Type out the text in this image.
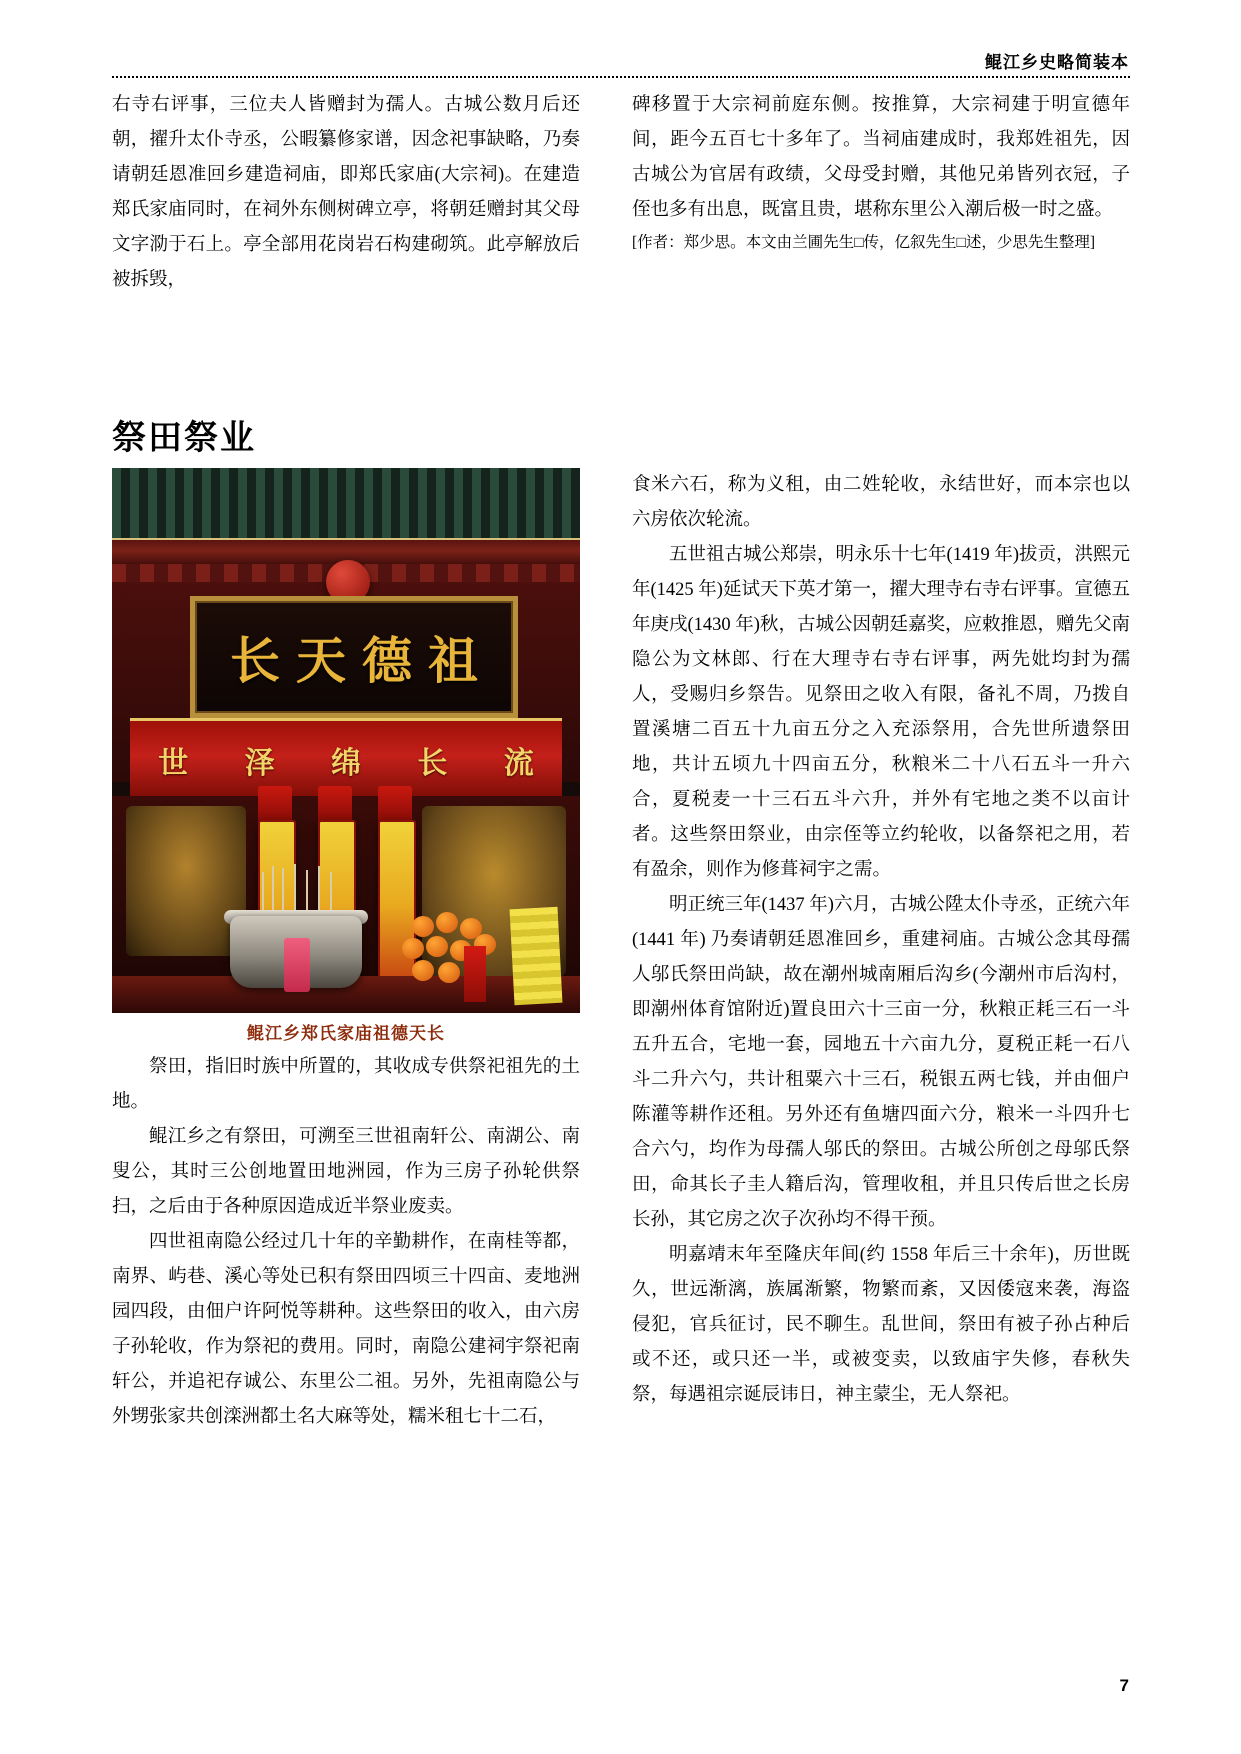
鲲江乡史略简装本

右寺右评事，三位夫人皆赠封为孺人。古城公数月后还朝，擢升太仆寺丞，公暇纂修家谱，因念祀事缺略，乃奏请朝廷恩准回乡建造祠庙，即郑氏家庙(大宗祠)。在建造郑氏家庙同时，在祠外东侧树碑立亭，将朝廷赠封其父母文字泐于石上。亭全部用花岗岩石构建砌筑。此亭解放后被拆毁，

碑移置于大宗祠前庭东侧。按推算，大宗祠建于明宣德年间，距今五百七十多年了。当祠庙建成时，我郑姓祖先，因古城公为官居有政绩，父母受封赠，其他兄弟皆列衣冠，子侄也多有出息，既富且贵，堪称东里公入潮后极一时之盛。

[作者：郑少思。本文由兰圃先生□传，亿叙先生□述，少思先生整理]

祭田祭业
长 天 德 祖
世 泽 绵 长 流
鲲江乡郑氏家庙祖德天长

祭田，指旧时族中所置的，其收成专供祭祀祖先的土地。

鲲江乡之有祭田，可溯至三世祖南轩公、南湖公、南叟公，其时三公创地置田地洲园，作为三房子孙轮供祭扫，之后由于各种原因造成近半祭业废卖。

四世祖南隐公经过几十年的辛勤耕作，在南桂等都，南界、屿巷、溪心等处已积有祭田四顷三十四亩、麦地洲园四段，由佃户许阿悦等耕种。这些祭田的收入，由六房子孙轮收，作为祭祀的费用。同时，南隐公建祠宇祭祀南轩公，并追祀存诚公、东里公二祖。另外，先祖南隐公与外甥张家共创滦洲都土名大麻等处，糯米租七十二石，

食米六石，称为义租，由二姓轮收，永结世好，而本宗也以六房依次轮流。

五世祖古城公郑崇，明永乐十七年(1419 年)拔贡，洪熙元年(1425 年)延试天下英才第一，擢大理寺右寺右评事。宣德五年庚戌(1430 年)秋，古城公因朝廷嘉奖，应敕推恩，赠先父南隐公为文林郎、行在大理寺右寺右评事，两先妣均封为孺人，受赐归乡祭告。见祭田之收入有限，备礼不周，乃拨自置溪塘二百五十九亩五分之入充添祭用，合先世所遗祭田地，共计五顷九十四亩五分，秋粮米二十八石五斗一升六合，夏税麦一十三石五斗六升，并外有宅地之类不以亩计者。这些祭田祭业，由宗侄等立约轮收，以备祭祀之用，若有盈余，则作为修葺祠宇之需。

明正统三年(1437 年)六月，古城公陞太仆寺丞，正统六年(1441 年) 乃奏请朝廷恩准回乡，重建祠庙。古城公念其母孺人邬氏祭田尚缺，故在潮州城南厢后沟乡(今潮州市后沟村，即潮州体育馆附近)置良田六十三亩一分，秋粮正耗三石一斗五升五合，宅地一套，园地五十六亩九分，夏税正耗一石八斗二升六勺，共计租粟六十三石，税银五两七钱，并由佃户陈灌等耕作还租。另外还有鱼塘四面六分，粮米一斗四升七合六勺，均作为母孺人邬氏的祭田。古城公所创之母邬氏祭田，命其长子圭人籍后沟，管理收租，并且只传后世之长房长孙，其它房之次子次孙均不得干预。

明嘉靖末年至隆庆年间(约 1558 年后三十余年)，历世既久，世远渐漓，族属渐繁，物繁而紊，又因倭寇来袭，海盗侵犯，官兵征讨，民不聊生。乱世间，祭田有被子孙占种后或不还，或只还一半，或被变卖，以致庙宇失修，春秋失祭，每遇祖宗诞辰讳日，神主蒙尘，无人祭祀。

7
